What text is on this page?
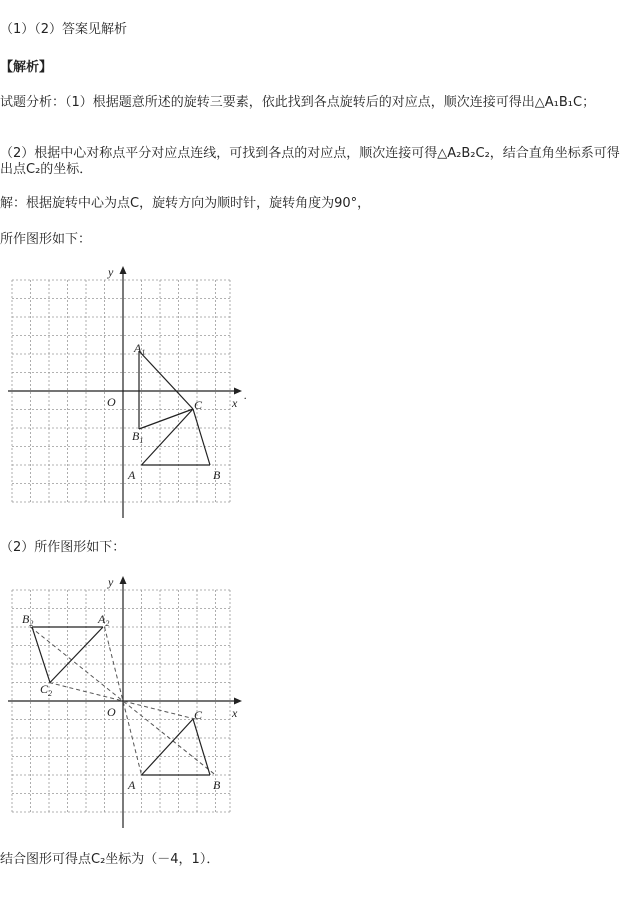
（1）（2）答案见解析
【解析】
试题分析：（1）根据题意所述的旋转三要素，依此找到各点旋转后的对应点，顺次连接可得出△A₁B₁C；
（2）根据中心对称点平分对应点连线，可找到各点的对应点，顺次连接可得△A₂B₂C₂，结合直角坐标系可得出点C₂的坐标．
解：根据旋转中心为点C，旋转方向为顺时针，旋转角度为90°，
所作图形如下：
x
.
y
O	C
A	B
$A_1$
$B_1$
（2）所作图形如下：
x
y
O	C
A	B
$A_2$
$B_2$
$C_2$
结合图形可得点C₂坐标为（－4，1）．
